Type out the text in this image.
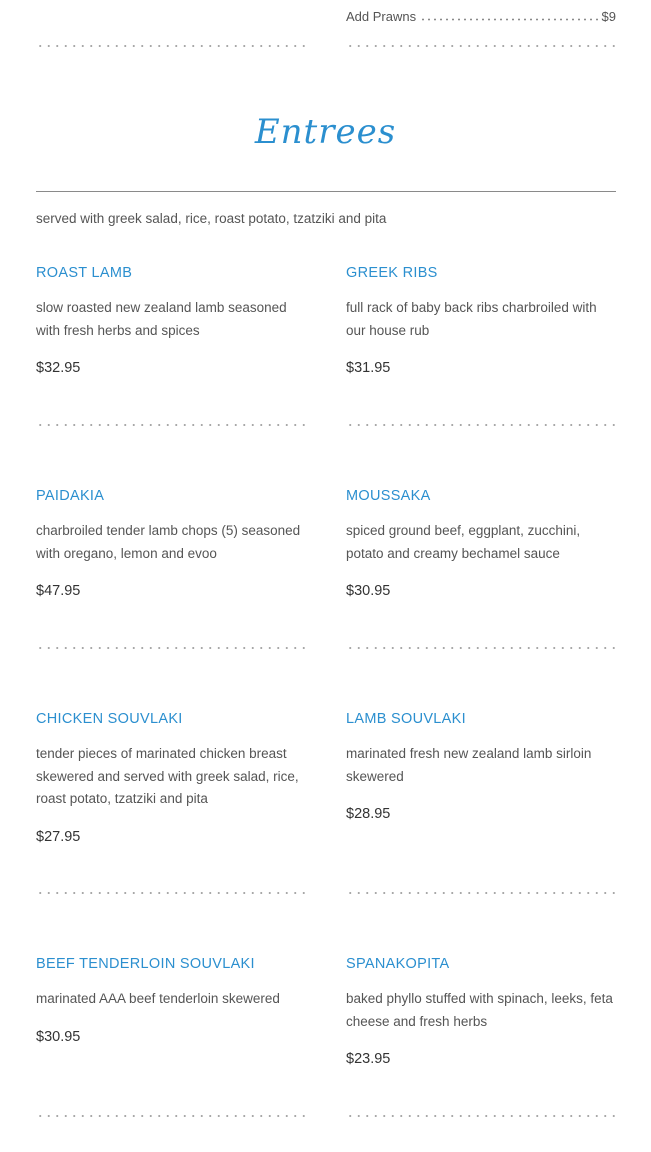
Add Prawns	$9
Entrees
served with greek salad, rice, roast potato, tzatziki and pita
ROAST LAMB
slow roasted new zealand lamb seasoned with fresh herbs and spices
$32.95
GREEK RIBS
full rack of baby back ribs charbroiled with our house rub
$31.95
PAIDAKIA
charbroiled tender lamb chops (5) seasoned with oregano, lemon and evoo
$47.95
MOUSSAKA
spiced ground beef, eggplant, zucchini, potato and creamy bechamel sauce
$30.95
CHICKEN SOUVLAKI
tender pieces of marinated chicken breast skewered and served with greek salad, rice, roast potato, tzatziki and pita
$27.95
LAMB SOUVLAKI
marinated fresh new zealand lamb sirloin skewered
$28.95
BEEF TENDERLOIN SOUVLAKI
marinated AAA beef tenderloin skewered
$30.95
SPANAKOPITA
baked phyllo stuffed with spinach, leeks, feta cheese and fresh herbs
$23.95
